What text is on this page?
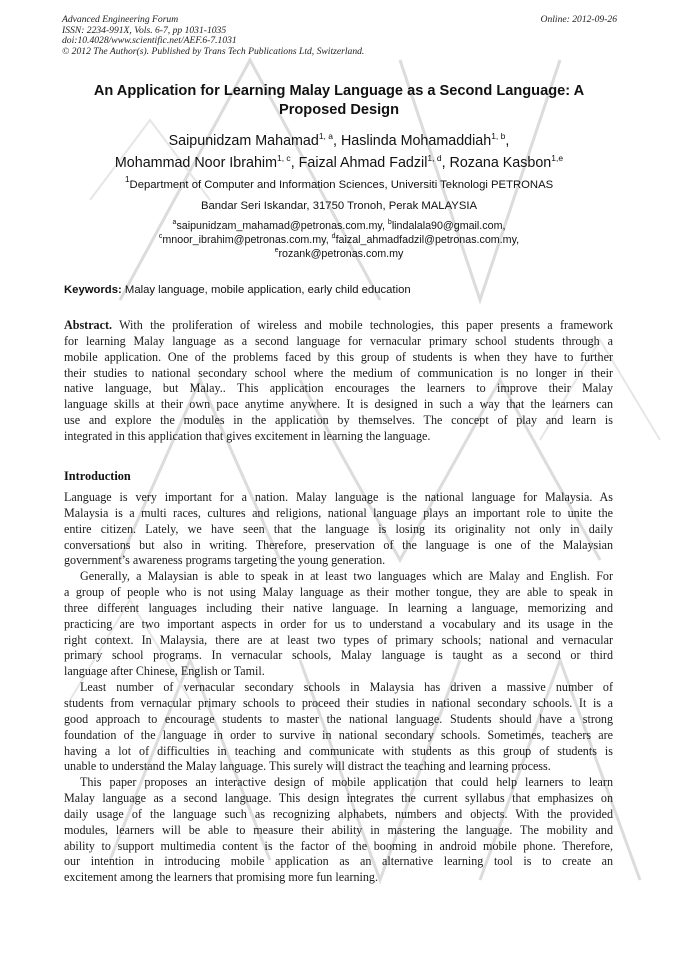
Advanced Engineering Forum
ISSN: 2234-991X, Vols. 6-7, pp 1031-1035
doi:10.4028/www.scientific.net/AEF.6-7.1031
© 2012 The Author(s). Published by Trans Tech Publications Ltd, Switzerland.
Online: 2012-09-26
An Application for Learning Malay Language as a Second Language: A
Proposed Design
Saipunidzam Mahamad$^{1, a}$, Haslinda Mohamaddiah$^{1, b}$,
Mohammad Noor Ibrahim$^{1, c}$, Faizal Ahmad Fadzil$^{1, d}$, Rozana Kasbon$^{1,e}$
$^1$Department of Computer and Information Sciences, Universiti Teknologi PETRONAS
Bandar Seri Iskandar, 31750 Tronoh, Perak MALAYSIA
$^a$saipunidzam_mahamad@petronas.com.my, $^b$lindalala90@gmail.com,
$^c$mnoor_ibrahim@petronas.com.my, $^d$faizal_ahmadfadzil@petronas.com.my,
$^e$rozank@petronas.com.my
Keywords: Malay language, mobile application, early child education
Abstract. With the proliferation of wireless and mobile technologies, this paper presents a framework
for learning Malay language as a second language for vernacular primary school students through a
mobile application. One of the problems faced by this group of students is when they have to further
their studies to national secondary school where the medium of communication is no longer in their
native language, but Malay.. This application encourages the learners to improve their Malay
language skills at their own pace anytime anywhere. It is designed in such a way that the learners can
use and explore the modules in the application by themselves. The concept of play and learn is
integrated in this application that gives excitement in learning the language.
Introduction
Language is very important for a nation. Malay language is the national language for Malaysia. As
Malaysia is a multi races, cultures and religions, national language plays an important role to unite the
entire citizen. Lately, we have seen that the language is losing its originality not only in daily
conversations but also in writing. Therefore, preservation of the language is one of the Malaysian
government’s awareness programs targeting the young generation.
Generally, a Malaysian is able to speak in at least two languages which are Malay and English. For
a group of people who is not using Malay language as their mother tongue, they are able to speak in
three different languages including their native language. In learning a language, memorizing and
practicing are two important aspects in order for us to understand a vocabulary and its usage in the
right context. In Malaysia, there are at least two types of primary schools; national and vernacular
primary school programs. In vernacular schools, Malay language is taught as a second or third
language after Chinese, English or Tamil.
Least number of vernacular secondary schools in Malaysia has driven a massive number of
students from vernacular primary schools to proceed their studies in national secondary schools. It is a
good approach to encourage students to master the national language. Students should have a strong
foundation of the language in order to survive in national secondary schools. Sometimes, teachers are
having a lot of difficulties in teaching and communicate with students as this group of students is
unable to understand the Malay language. This surely will distract the teaching and learning process.
This paper proposes an interactive design of mobile application that could help learners to learn
Malay language as a second language. This design integrates the current syllabus that emphasizes on
daily usage of the language such as recognizing alphabets, numbers and objects. With the provided
modules, learners will be able to measure their ability in mastering the language. The mobility and
ability to support multimedia content is the factor of the booming in android mobile phone. Therefore,
our intention in introducing mobile application as an alternative learning tool is to create an
excitement among the learners that promising more fun learning.
